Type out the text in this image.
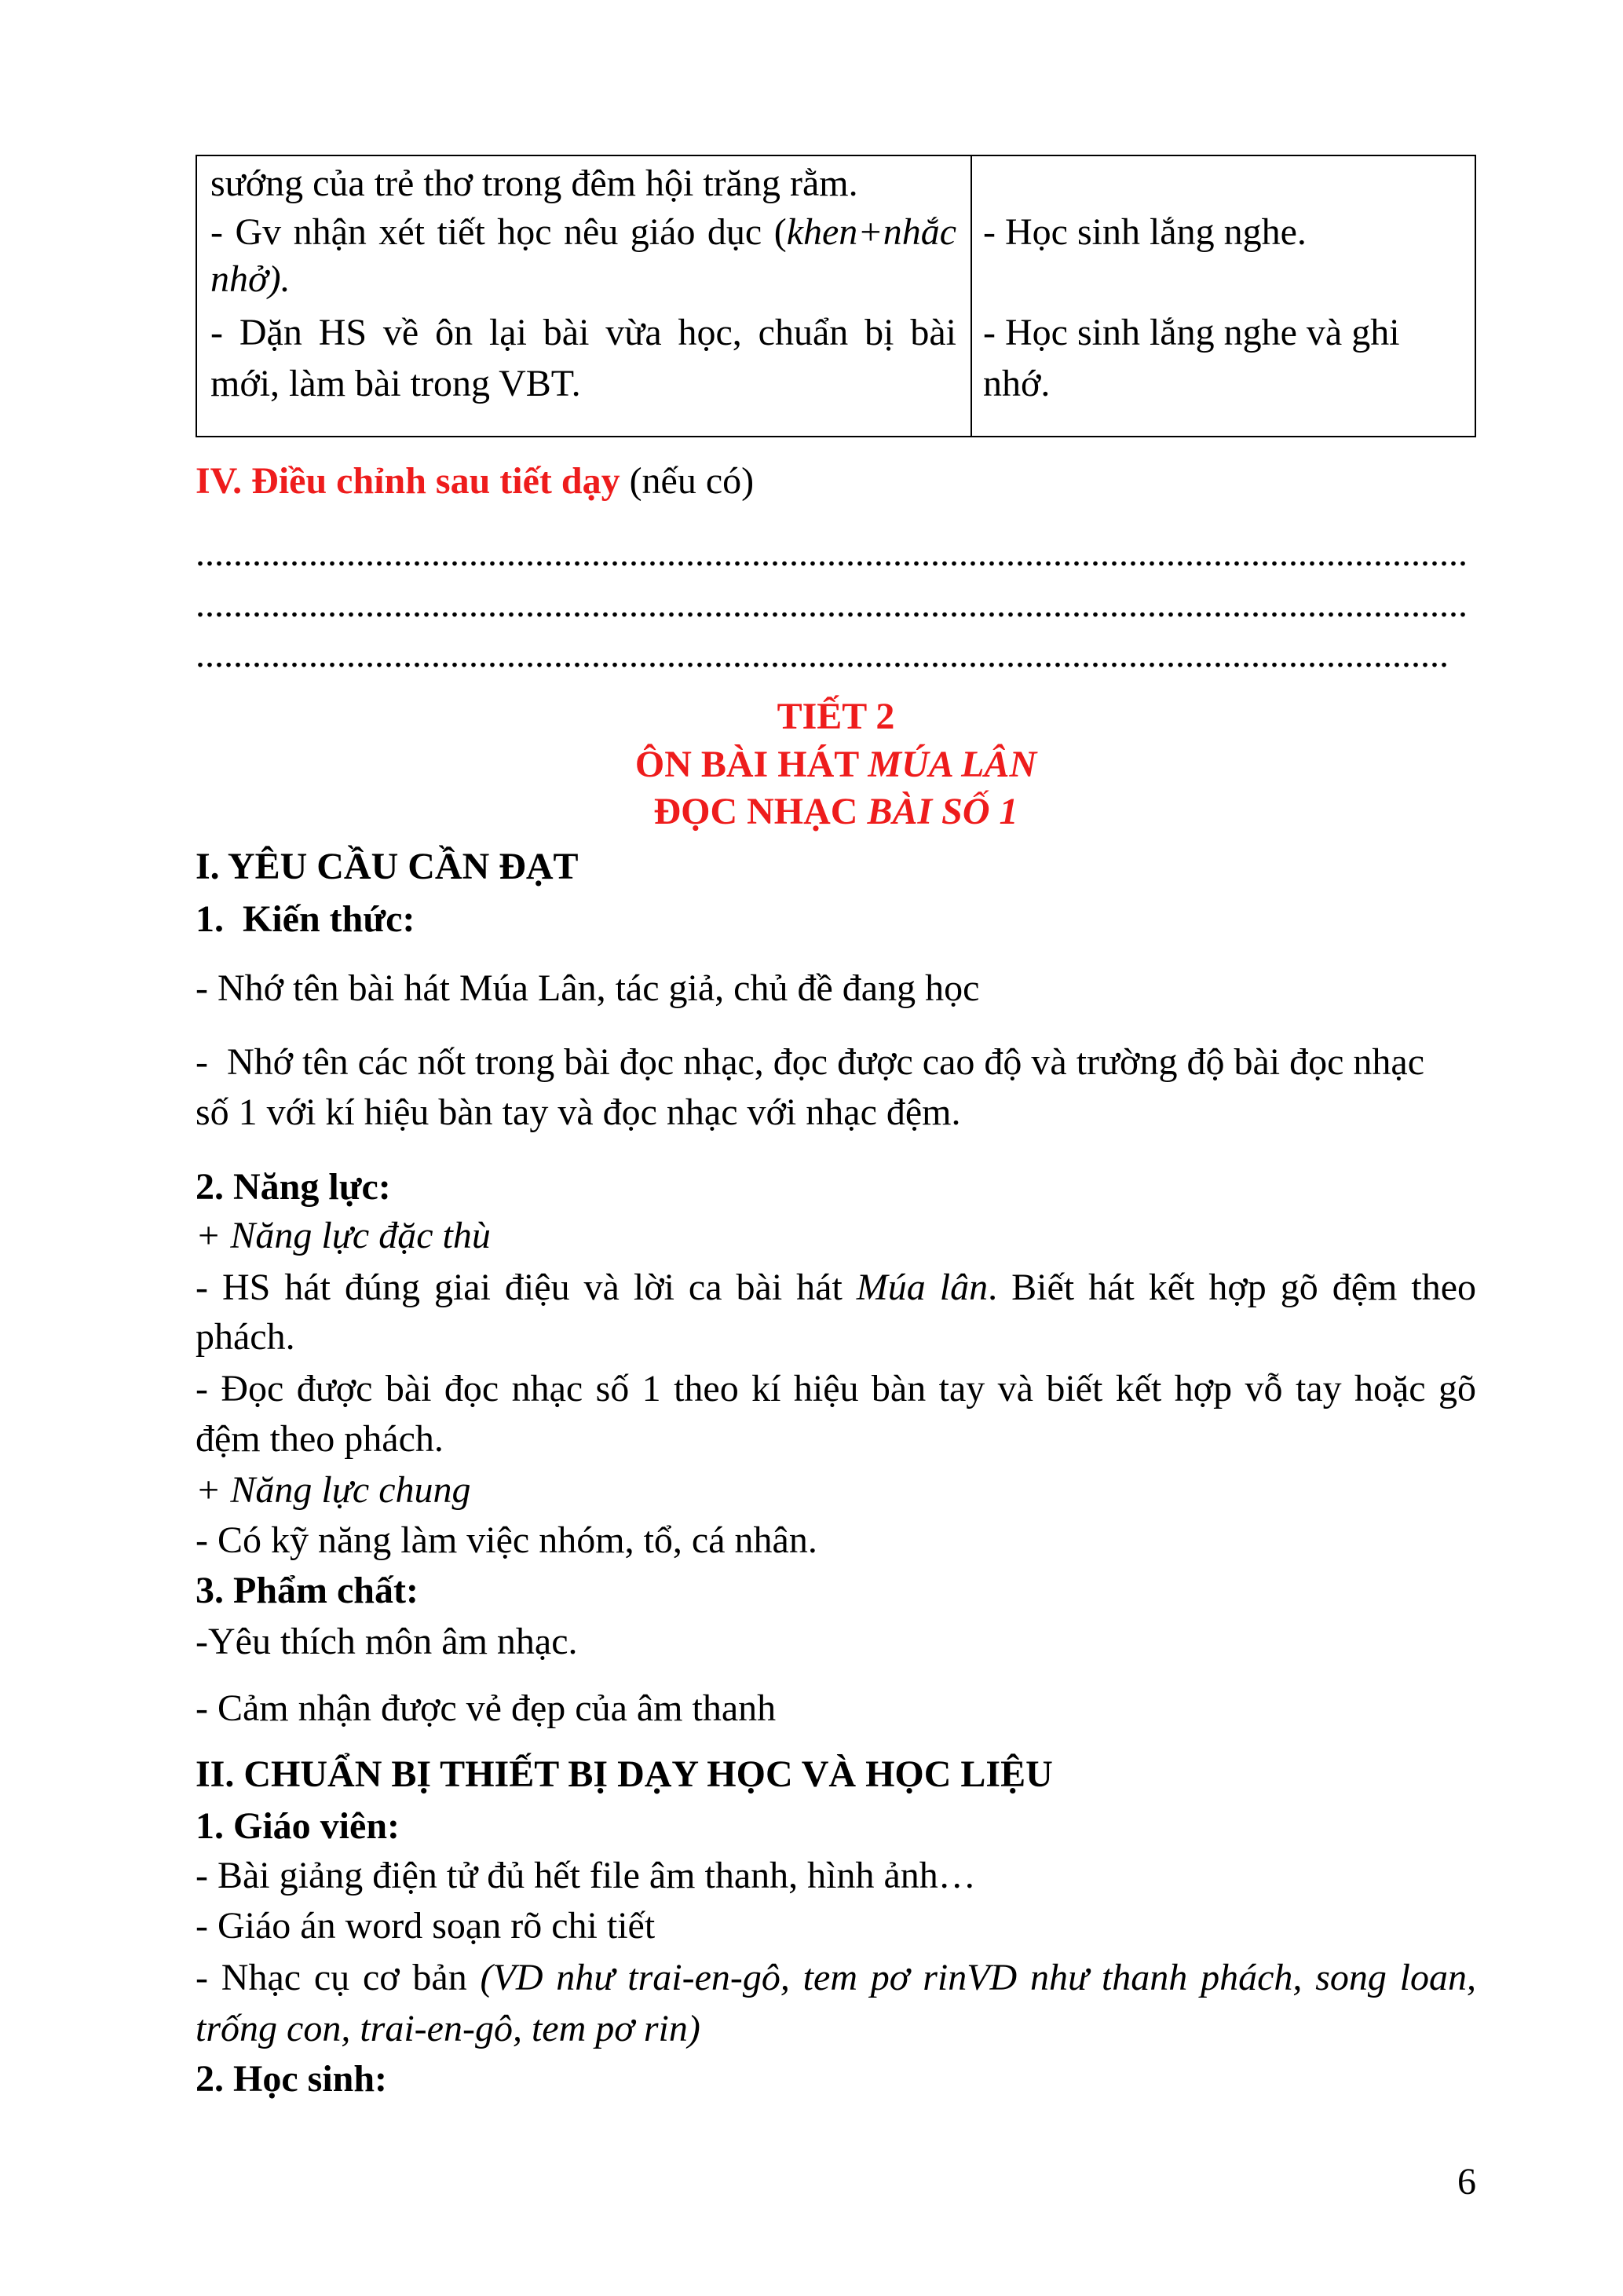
sướng của trẻ thơ trong đêm hội trăng rằm.
- Gv nhận xét tiết học nêu giáo dục (khen+nhắc
nhở).
- Dặn HS về ôn lại bài vừa học, chuẩn bị bài
mới, làm bài trong VBT.
- Học sinh lắng nghe.
- Học sinh lắng nghe và ghi
nhớ.
IV. Điều chỉnh sau tiết dạy (nếu có)
.......................................................................................................................................
.......................................................................................................................................
.....................................................................................................................................
TIẾT 2
ÔN BÀI HÁT MÚA LÂN
ĐỌC NHẠC BÀI SỐ 1
I. YÊU CẦU CẦN ĐẠT
1.  Kiến thức:
- Nhớ tên bài hát Múa Lân, tác giả, chủ đề đang học
-  Nhớ tên các nốt trong bài đọc nhạc, đọc được cao độ và trường độ bài đọc nhạc
số 1 với kí hiệu bàn tay và đọc nhạc với nhạc đệm.
2. Năng lực:
+ Năng lực đặc thù
- HS hát đúng giai điệu và lời ca bài hát Múa lân. Biết hát kết hợp gõ đệm theo
phách.
- Đọc được bài đọc nhạc số 1 theo kí hiệu bàn tay và biết kết hợp vỗ tay hoặc gõ
đệm theo phách.
+ Năng lực chung
- Có kỹ năng làm việc nhóm, tổ, cá nhân.
3. Phẩm chất:
-Yêu thích môn âm nhạc.
- Cảm nhận được vẻ đẹp của âm thanh
II. CHUẨN BỊ THIẾT BỊ DẠY HỌC VÀ HỌC LIỆU
1. Giáo viên:
- Bài giảng điện tử đủ hết file âm thanh, hình ảnh…
- Giáo án word soạn rõ chi tiết
- Nhạc cụ cơ bản (VD như trai-en-gô, tem pơ rinVD như thanh phách, song loan,
trống con, trai-en-gô, tem pơ rin)
2. Học sinh:
6
